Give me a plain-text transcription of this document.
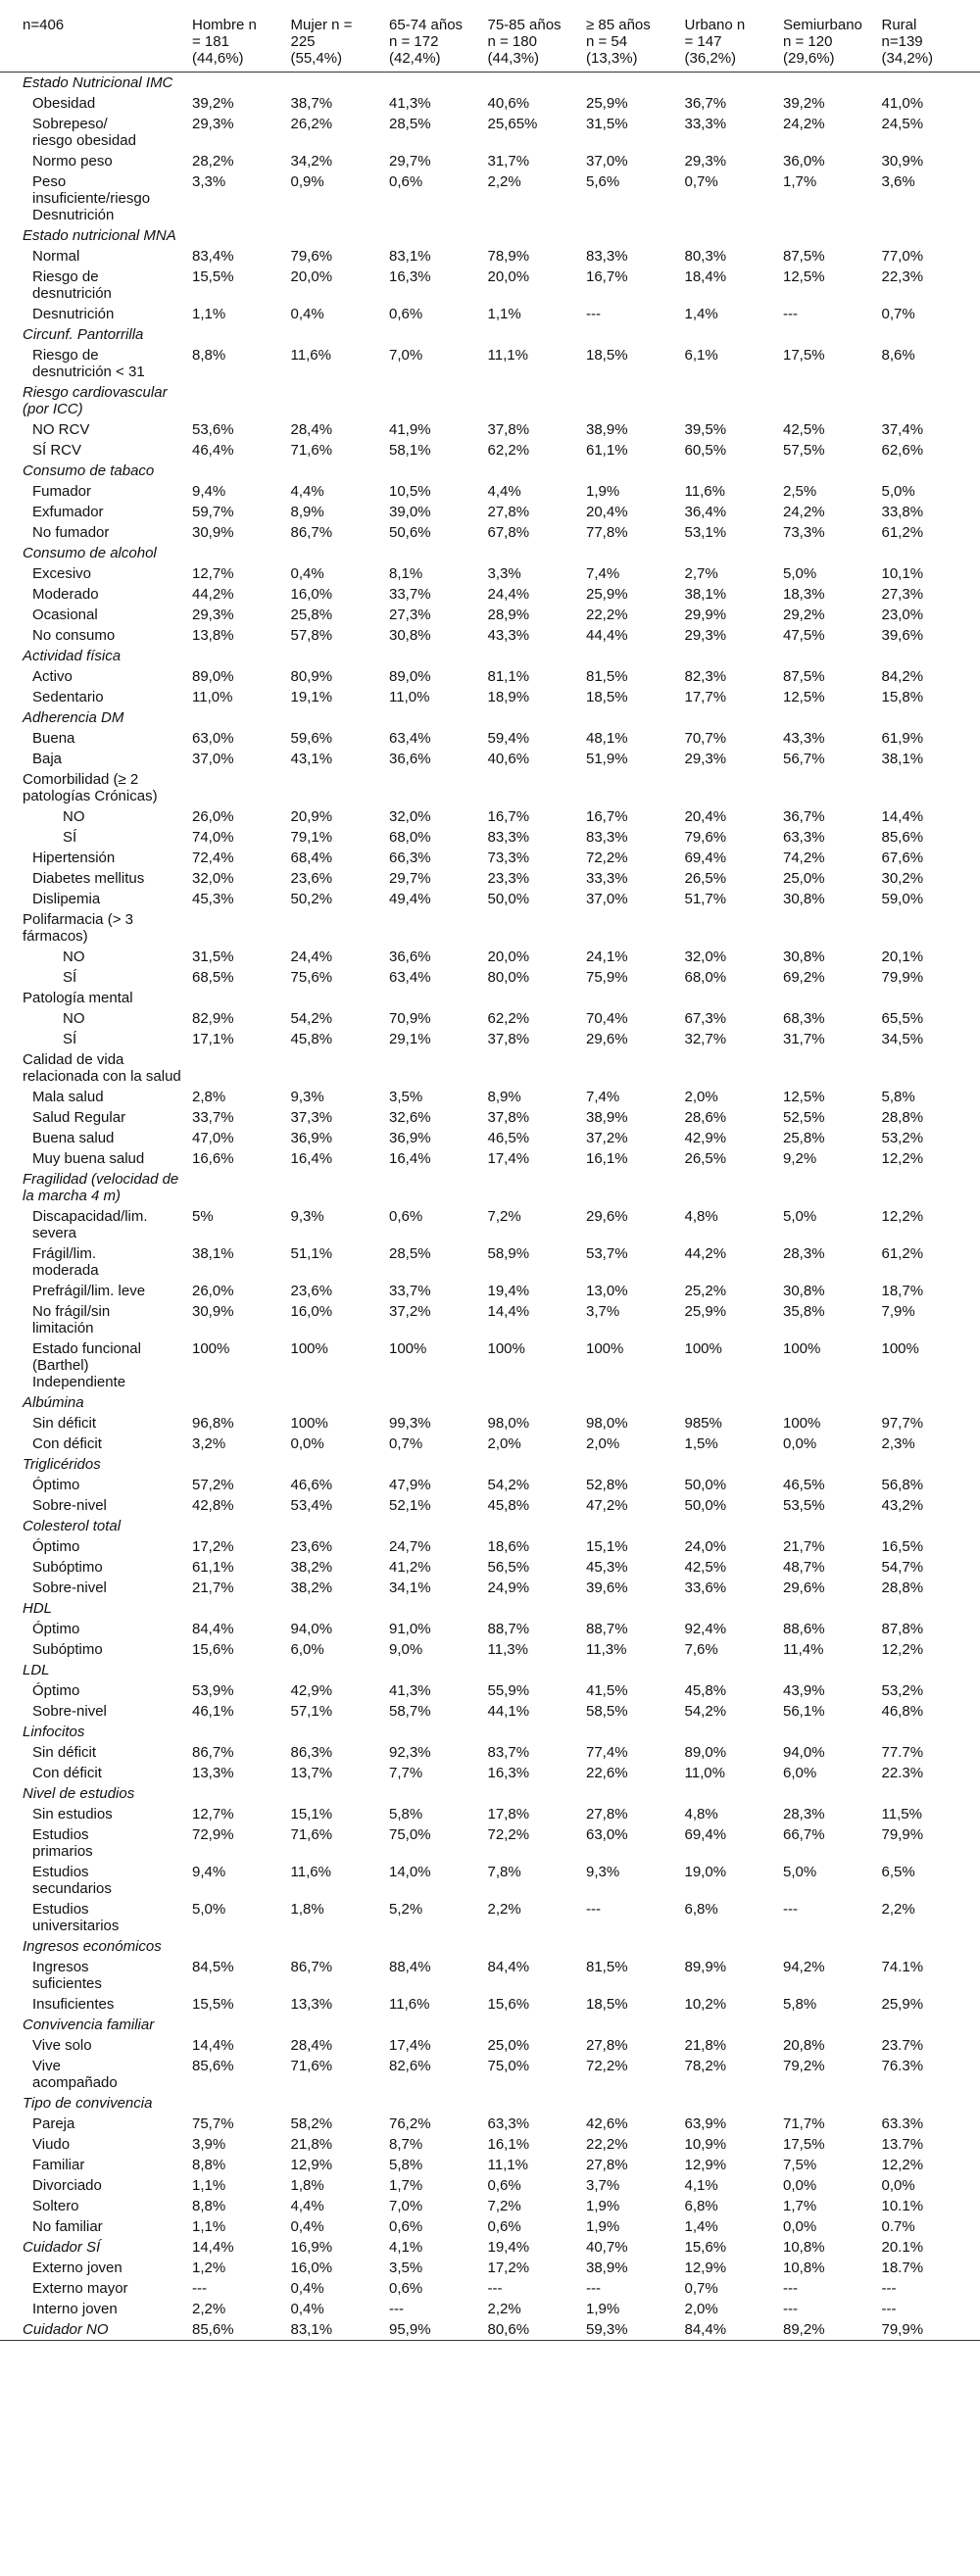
n=406	Hombre n
= 181
(44,6%)	Mujer n =
225
(55,4%)	65-74 años
n = 172
(42,4%)	75-85 años
n = 180
(44,3%)	≥ 85 años
n = 54
(13,3%)	Urbano n
= 147
(36,2%)	Semiurbano
n = 120
(29,6%)	Rural
n=139
(34,2%)

Estado Nutricional IMC								

Obesidad	39,2%	38,7%	41,3%	40,6%	25,9%	36,7%	39,2%	41,0%

Sobrepeso/
riesgo obesidad	29,3%	26,2%	28,5%	25,65%	31,5%	33,3%	24,2%	24,5%

Normo peso	28,2%	34,2%	29,7%	31,7%	37,0%	29,3%	36,0%	30,9%

Peso
insuficiente/riesgo
Desnutrición	3,3%	0,9%	0,6%	2,2%	5,6%	0,7%	1,7%	3,6%

Estado nutricional MNA								

Normal	83,4%	79,6%	83,1%	78,9%	83,3%	80,3%	87,5%	77,0%

Riesgo de
desnutrición	15,5%	20,0%	16,3%	20,0%	16,7%	18,4%	12,5%	22,3%

Desnutrición	1,1%	0,4%	0,6%	1,1%	---	1,4%	---	0,7%

Circunf. Pantorrilla								

Riesgo de
desnutrición < 31	8,8%	11,6%	7,0%	11,1%	18,5%	6,1%	17,5%	8,6%

Riesgo cardiovascular (por ICC)								

NO RCV	53,6%	28,4%	41,9%	37,8%	38,9%	39,5%	42,5%	37,4%

SÍ RCV	46,4%	71,6%	58,1%	62,2%	61,1%	60,5%	57,5%	62,6%

Consumo de tabaco								

Fumador	9,4%	4,4%	10,5%	4,4%	1,9%	11,6%	2,5%	5,0%

Exfumador	59,7%	8,9%	39,0%	27,8%	20,4%	36,4%	24,2%	33,8%

No fumador	30,9%	86,7%	50,6%	67,8%	77,8%	53,1%	73,3%	61,2%

Consumo de alcohol								

Excesivo	12,7%	0,4%	8,1%	3,3%	7,4%	2,7%	5,0%	10,1%

Moderado	44,2%	16,0%	33,7%	24,4%	25,9%	38,1%	18,3%	27,3%

Ocasional	29,3%	25,8%	27,3%	28,9%	22,2%	29,9%	29,2%	23,0%

No consumo	13,8%	57,8%	30,8%	43,3%	44,4%	29,3%	47,5%	39,6%

Actividad física								

Activo	89,0%	80,9%	89,0%	81,1%	81,5%	82,3%	87,5%	84,2%

Sedentario	11,0%	19,1%	11,0%	18,9%	18,5%	17,7%	12,5%	15,8%

Adherencia DM								

Buena	63,0%	59,6%	63,4%	59,4%	48,1%	70,7%	43,3%	61,9%

Baja	37,0%	43,1%	36,6%	40,6%	51,9%	29,3%	56,7%	38,1%

Comorbilidad (≥ 2 patologías Crónicas)								

NO	26,0%	20,9%	32,0%	16,7%	16,7%	20,4%	36,7%	14,4%

SÍ	74,0%	79,1%	68,0%	83,3%	83,3%	79,6%	63,3%	85,6%

Hipertensión	72,4%	68,4%	66,3%	73,3%	72,2%	69,4%	74,2%	67,6%

Diabetes mellitus	32,0%	23,6%	29,7%	23,3%	33,3%	26,5%	25,0%	30,2%

Dislipemia	45,3%	50,2%	49,4%	50,0%	37,0%	51,7%	30,8%	59,0%

Polifarmacia (> 3 fármacos)								

NO	31,5%	24,4%	36,6%	20,0%	24,1%	32,0%	30,8%	20,1%

SÍ	68,5%	75,6%	63,4%	80,0%	75,9%	68,0%	69,2%	79,9%

Patología mental								

NO	82,9%	54,2%	70,9%	62,2%	70,4%	67,3%	68,3%	65,5%

SÍ	17,1%	45,8%	29,1%	37,8%	29,6%	32,7%	31,7%	34,5%

Calidad de vida relacionada con la salud								

Mala salud	2,8%	9,3%	3,5%	8,9%	7,4%	2,0%	12,5%	5,8%

Salud Regular	33,7%	37,3%	32,6%	37,8%	38,9%	28,6%	52,5%	28,8%

Buena salud	47,0%	36,9%	36,9%	46,5%	37,2%	42,9%	25,8%	53,2%

Muy buena salud	16,6%	16,4%	16,4%	17,4%	16,1%	26,5%	9,2%	12,2%

Fragilidad (velocidad de la marcha 4 m)								

Discapacidad/lim.
severa	5%	9,3%	0,6%	7,2%	29,6%	4,8%	5,0%	12,2%

Frágil/lim.
moderada	38,1%	51,1%	28,5%	58,9%	53,7%	44,2%	28,3%	61,2%

Prefrágil/lim. leve	26,0%	23,6%	33,7%	19,4%	13,0%	25,2%	30,8%	18,7%

No frágil/sin
limitación	30,9%	16,0%	37,2%	14,4%	3,7%	25,9%	35,8%	7,9%

Estado funcional
(Barthel)
Independiente	100%	100%	100%	100%	100%	100%	100%	100%

Albúmina								

Sin déficit	96,8%	100%	99,3%	98,0%	98,0%	985%	100%	97,7%

Con déficit	3,2%	0,0%	0,7%	2,0%	2,0%	1,5%	0,0%	2,3%

Triglicéridos								

Óptimo	57,2%	46,6%	47,9%	54,2%	52,8%	50,0%	46,5%	56,8%

Sobre-nivel	42,8%	53,4%	52,1%	45,8%	47,2%	50,0%	53,5%	43,2%

Colesterol total								

Óptimo	17,2%	23,6%	24,7%	18,6%	15,1%	24,0%	21,7%	16,5%

Subóptimo	61,1%	38,2%	41,2%	56,5%	45,3%	42,5%	48,7%	54,7%

Sobre-nivel	21,7%	38,2%	34,1%	24,9%	39,6%	33,6%	29,6%	28,8%

HDL								

Óptimo	84,4%	94,0%	91,0%	88,7%	88,7%	92,4%	88,6%	87,8%

Subóptimo	15,6%	6,0%	9,0%	11,3%	11,3%	7,6%	11,4%	12,2%

LDL								

Óptimo	53,9%	42,9%	41,3%	55,9%	41,5%	45,8%	43,9%	53,2%

Sobre-nivel	46,1%	57,1%	58,7%	44,1%	58,5%	54,2%	56,1%	46,8%

Linfocitos								

Sin déficit	86,7%	86,3%	92,3%	83,7%	77,4%	89,0%	94,0%	77.7%

Con déficit	13,3%	13,7%	7,7%	16,3%	22,6%	11,0%	6,0%	22.3%

Nivel de estudios								

Sin estudios	12,7%	15,1%	5,8%	17,8%	27,8%	4,8%	28,3%	11,5%

Estudios
primarios	72,9%	71,6%	75,0%	72,2%	63,0%	69,4%	66,7%	79,9%

Estudios
secundarios	9,4%	11,6%	14,0%	7,8%	9,3%	19,0%	5,0%	6,5%

Estudios
universitarios	5,0%	1,8%	5,2%	2,2%	---	6,8%	---	2,2%

Ingresos económicos								

Ingresos
suficientes	84,5%	86,7%	88,4%	84,4%	81,5%	89,9%	94,2%	74.1%

Insuficientes	15,5%	13,3%	11,6%	15,6%	18,5%	10,2%	5,8%	25,9%

Convivencia familiar								

Vive solo	14,4%	28,4%	17,4%	25,0%	27,8%	21,8%	20,8%	23.7%

Vive
acompañado	85,6%	71,6%	82,6%	75,0%	72,2%	78,2%	79,2%	76.3%

Tipo de convivencia								

Pareja	75,7%	58,2%	76,2%	63,3%	42,6%	63,9%	71,7%	63.3%

Viudo	3,9%	21,8%	8,7%	16,1%	22,2%	10,9%	17,5%	13.7%

Familiar	8,8%	12,9%	5,8%	11,1%	27,8%	12,9%	7,5%	12,2%

Divorciado	1,1%	1,8%	1,7%	0,6%	3,7%	4,1%	0,0%	0,0%

Soltero	8,8%	4,4%	7,0%	7,2%	1,9%	6,8%	1,7%	10.1%

No familiar	1,1%	0,4%	0,6%	0,6%	1,9%	1,4%	0,0%	0.7%

Cuidador SÍ	14,4%	16,9%	4,1%	19,4%	40,7%	15,6%	10,8%	20.1%

Externo joven	1,2%	16,0%	3,5%	17,2%	38,9%	12,9%	10,8%	18.7%

Externo mayor	---	0,4%	0,6%	---	---	0,7%	---	---

Interno joven	2,2%	0,4%	---	2,2%	1,9%	2,0%	---	---

Cuidador NO	85,6%	83,1%	95,9%	80,6%	59,3%	84,4%	89,2%	79,9%
